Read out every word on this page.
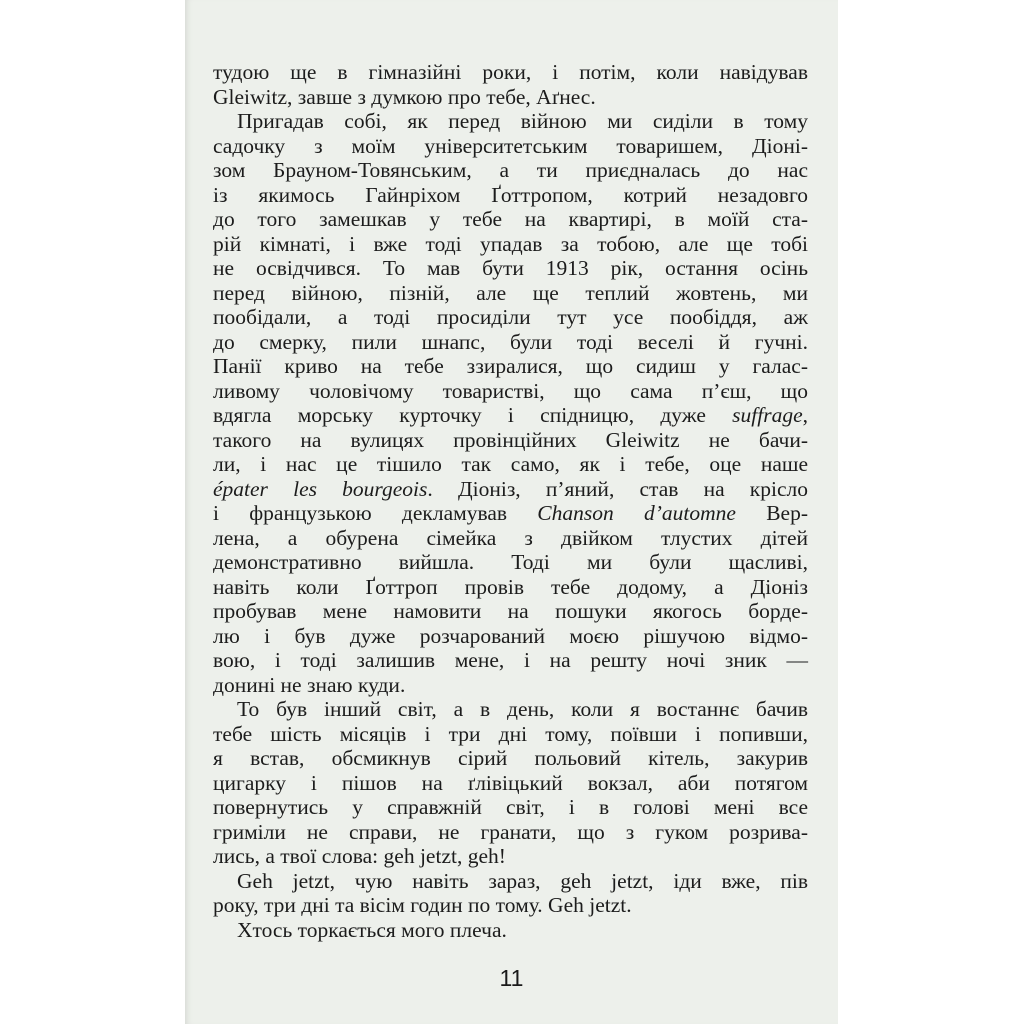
тудою ще в гімназійні роки, і потім, коли навідував
Gleiwitz, завше з думкою про тебе, Аґнес.
Пригадав собі, як перед війною ми сиділи в тому
садочку з моїм університетським товаришем, Діоні-
зом Брауном-Товянським, а ти приєдналась до нас
із якимось Гайнріхом Ґоттропом, котрий незадовго
до того замешкав у тебе на квартирі, в моїй ста-
рій кімнаті, і вже тоді упадав за тобою, але ще тобі
не освідчився. То мав бути 1913 рік, остання осінь
перед війною, пізній, але ще теплий жовтень, ми
пообідали, а тоді просиділи тут усе пообіддя, аж
до смерку, пили шнапс, були тоді веселі й гучні.
Панії криво на тебе ззиралися, що сидиш у галас-
ливому чоловічому товаристві, що сама п’єш, що
вдягла морську курточку і спідницю, дуже suffrage,
такого на вулицях провінційних Gleiwitz не бачи-
ли, і нас це тішило так само, як і тебе, оце наше
épater les bourgeois. Діоніз, п’яний, став на крісло
і французькою декламував Chanson d’automne Вер-
лена, а обурена сімейка з двійком тлустих дітей
демонстративно вийшла. Тоді ми були щасливі,
навіть коли Ґоттроп провів тебе додому, а Діоніз
пробував мене намовити на пошуки якогось борде-
лю і був дуже розчарований моєю рішучою відмо-
вою, і тоді залишив мене, і на решту ночі зник —
донині не знаю куди.
То був інший світ, а в день, коли я востаннє бачив
тебе шість місяців і три дні тому, поївши і попивши,
я встав, обсмикнув сірий польовий кітель, закурив
цигарку і пішов на ґлівіцький вокзал, аби потягом
повернутись у справжній світ, і в голові мені все
гриміли не справи, не гранати, що з гуком розрива-
лись, а твої слова: geh jetzt, geh!
Geh jetzt, чую навіть зараз, geh jetzt, іди вже, пів
року, три дні та вісім годин по тому. Geh jetzt.
Хтось торкається мого плеча.
11
